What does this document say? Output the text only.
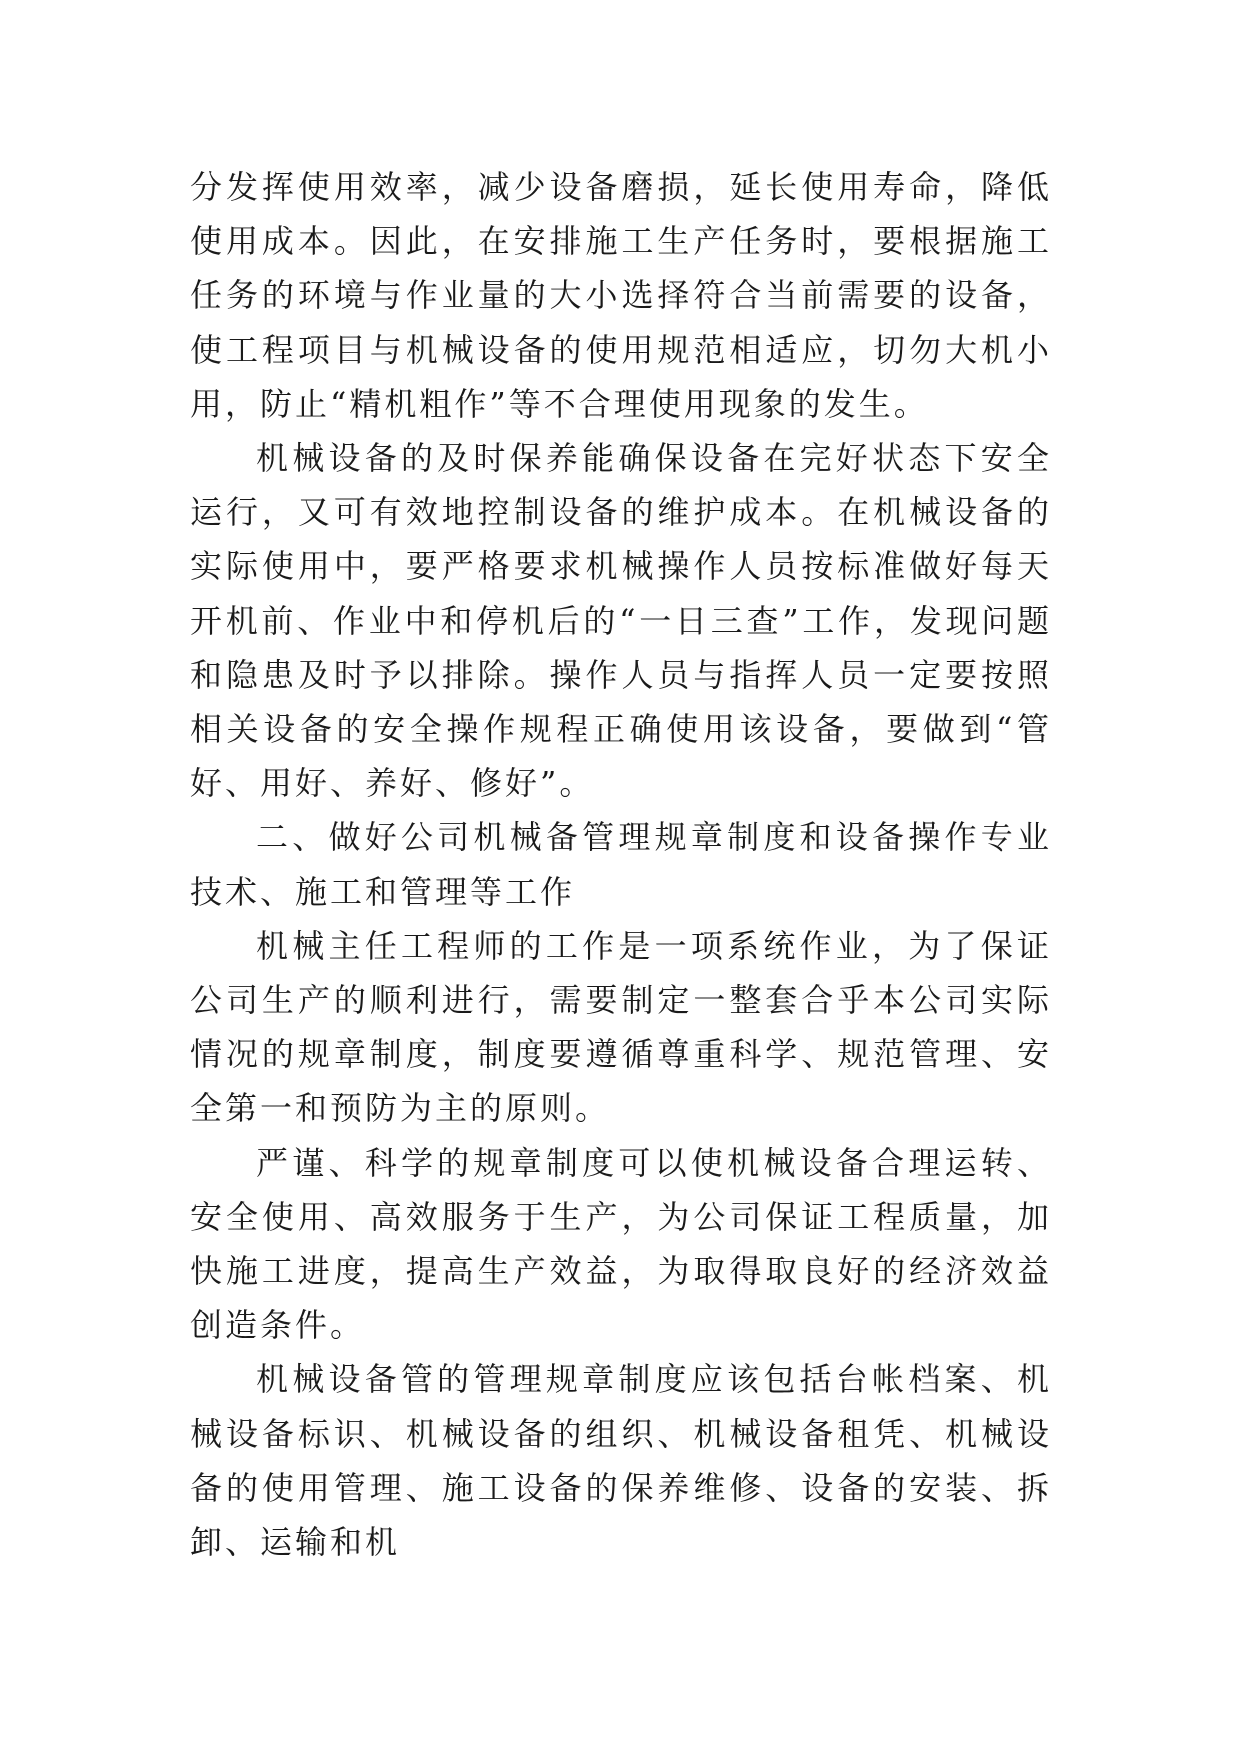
分发挥使用效率，减少设备磨损，延长使用寿命，降低使用成本。因此，在安排施工生产任务时，要根据施工任务的环境与作业量的大小选择符合当前需要的设备，使工程项目与机械设备的使用规范相适应，切勿大机小用，防止“精机粗作”等不合理使用现象的发生。

机械设备的及时保养能确保设备在完好状态下安全运行，又可有效地控制设备的维护成本。在机械设备的实际使用中，要严格要求机械操作人员按标准做好每天开机前、作业中和停机后的“一日三查”工作，发现问题和隐患及时予以排除。操作人员与指挥人员一定要按照相关设备的安全操作规程正确使用该设备，要做到“管好、用好、养好、修好”。

二、做好公司机械备管理规章制度和设备操作专业技术、施工和管理等工作

机械主任工程师的工作是一项系统作业，为了保证公司生产的顺利进行，需要制定一整套合乎本公司实际情况的规章制度，制度要遵循尊重科学、规范管理、安全第一和预防为主的原则。

严谨、科学的规章制度可以使机械设备合理运转、安全使用、高效服务于生产，为公司保证工程质量，加快施工进度，提高生产效益，为取得取良好的经济效益创造条件。

机械设备管的管理规章制度应该包括台帐档案、机械设备标识、机械设备的组织、机械设备租凭、机械设备的使用管理、施工设备的保养维修、设备的安装、拆卸、运输和机
